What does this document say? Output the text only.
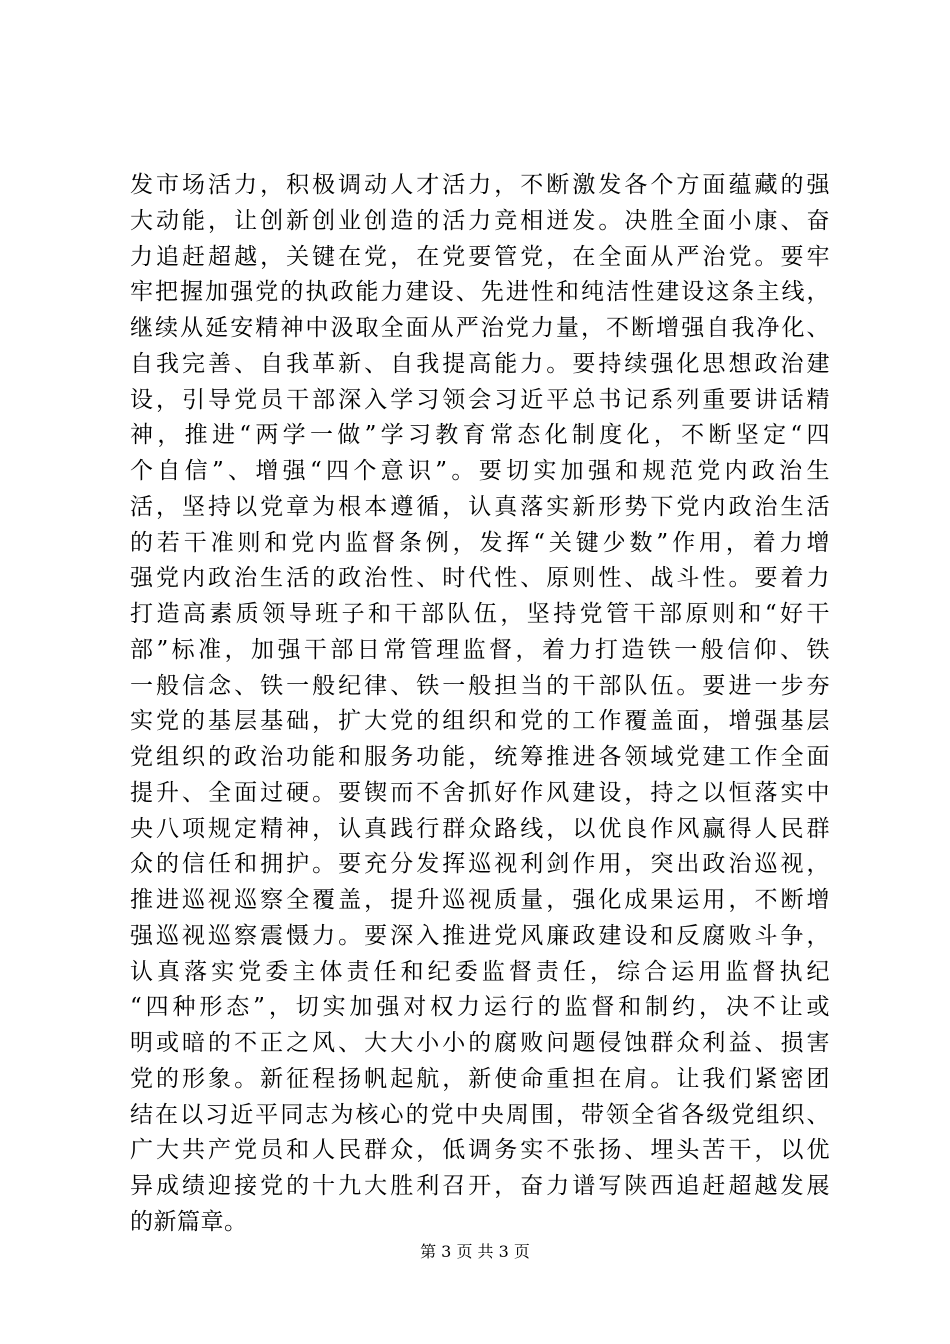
发市场活力，积极调动人才活力，不断激发各个方面蕴藏的强
大动能，让创新创业创造的活力竞相迸发。决胜全面小康、奋
力追赶超越，关键在党，在党要管党，在全面从严治党。要牢
牢把握加强党的执政能力建设、先进性和纯洁性建设这条主线，
继续从延安精神中汲取全面从严治党力量，不断增强自我净化、
自我完善、自我革新、自我提高能力。要持续强化思想政治建
设，引导党员干部深入学习领会习近平总书记系列重要讲话精
神，推进“两学一做”学习教育常态化制度化，不断坚定“四
个自信”、增强“四个意识”。要切实加强和规范党内政治生
活，坚持以党章为根本遵循，认真落实新形势下党内政治生活
的若干准则和党内监督条例，发挥“关键少数”作用，着力增
强党内政治生活的政治性、时代性、原则性、战斗性。要着力
打造高素质领导班子和干部队伍，坚持党管干部原则和“好干
部”标准，加强干部日常管理监督，着力打造铁一般信仰、铁
一般信念、铁一般纪律、铁一般担当的干部队伍。要进一步夯
实党的基层基础，扩大党的组织和党的工作覆盖面，增强基层
党组织的政治功能和服务功能，统筹推进各领域党建工作全面
提升、全面过硬。要锲而不舍抓好作风建设，持之以恒落实中
央八项规定精神，认真践行群众路线，以优良作风赢得人民群
众的信任和拥护。要充分发挥巡视利剑作用，突出政治巡视，
推进巡视巡察全覆盖，提升巡视质量，强化成果运用，不断增
强巡视巡察震慑力。要深入推进党风廉政建设和反腐败斗争，
认真落实党委主体责任和纪委监督责任，综合运用监督执纪
“四种形态”，切实加强对权力运行的监督和制约，决不让或
明或暗的不正之风、大大小小的腐败问题侵蚀群众利益、损害
党的形象。新征程扬帆起航，新使命重担在肩。让我们紧密团
结在以习近平同志为核心的党中央周围，带领全省各级党组织、
广大共产党员和人民群众，低调务实不张扬、埋头苦干，以优
异成绩迎接党的十九大胜利召开，奋力谱写陕西追赶超越发展
的新篇章。
第 3 页 共 3 页
